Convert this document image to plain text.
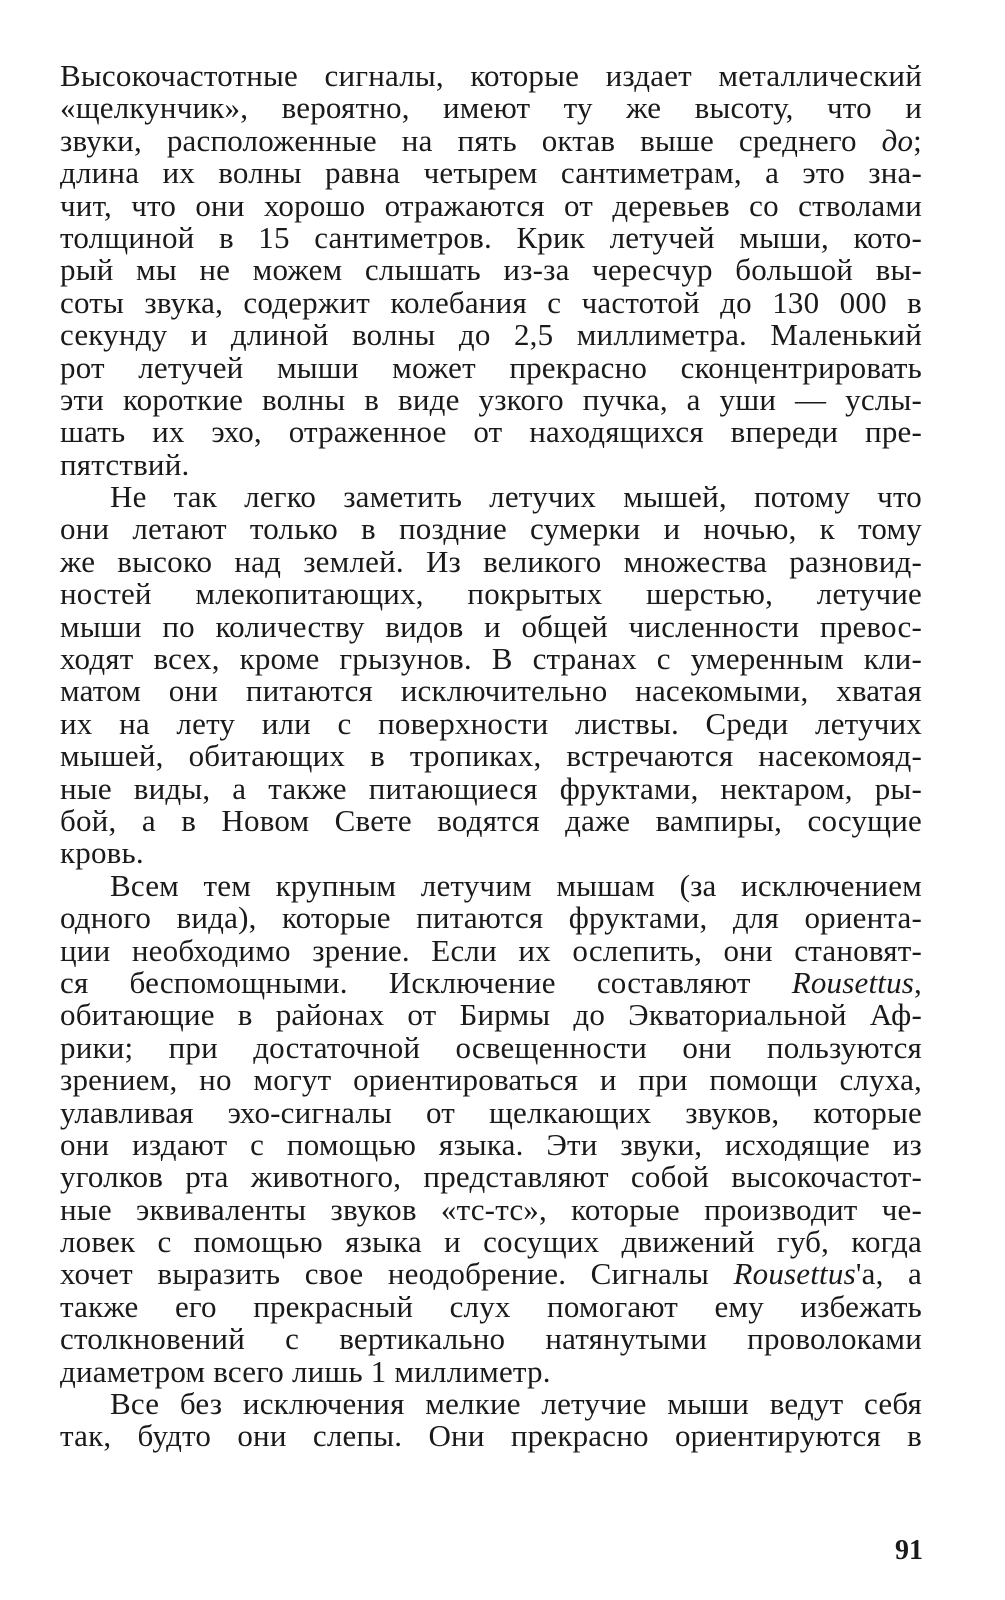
Высокочастотные сигналы, которые издает металлический
«щелкунчик», вероятно, имеют ту же высоту, что и
звуки, расположенные на пять октав выше среднего до;
длина их волны равна четырем сантиметрам, а это зна-
чит, что они хорошо отражаются от деревьев со стволами
толщиной в 15 сантиметров. Крик летучей мыши, кото-
рый мы не можем слышать из-за чересчур большой вы-
соты звука, содержит колебания с частотой до 130 000 в
секунду и длиной волны до 2,5 миллиметра. Маленький
рот летучей мыши может прекрасно сконцентрировать
эти короткие волны в виде узкого пучка, а уши — услы-
шать их эхо, отраженное от находящихся впереди пре-
пятствий.
Не так легко заметить летучих мышей, потому что
они летают только в поздние сумерки и ночью, к тому
же высоко над землей. Из великого множества разновид-
ностей млекопитающих, покрытых шерстью, летучие
мыши по количеству видов и общей численности превос-
ходят всех, кроме грызунов. В странах с умеренным кли-
матом они питаются исключительно насекомыми, хватая
их на лету или с поверхности листвы. Среди летучих
мышей, обитающих в тропиках, встречаются насекомояд-
ные виды, а также питающиеся фруктами, нектаром, ры-
бой, а в Новом Свете водятся даже вампиры, сосущие
кровь.
Всем тем крупным летучим мышам (за исключением
одного вида), которые питаются фруктами, для ориента-
ции необходимо зрение. Если их ослепить, они становят-
ся беспомощными. Исключение составляют Rousettus,
обитающие в районах от Бирмы до Экваториальной Аф-
рики; при достаточной освещенности они пользуются
зрением, но могут ориентироваться и при помощи слуха,
улавливая эхо-сигналы от щелкающих звуков, которые
они издают с помощью языка. Эти звуки, исходящие из
уголков рта животного, представляют собой высокочастот-
ные эквиваленты звуков «тс-тс», которые производит че-
ловек с помощью языка и сосущих движений губ, когда
хочет выразить свое неодобрение. Сигналы Rousettus'а, а
также его прекрасный слух помогают ему избежать
столкновений с вертикально натянутыми проволоками
диаметром всего лишь 1 миллиметр.
Все без исключения мелкие летучие мыши ведут себя
так, будто они слепы. Они прекрасно ориентируются в
91
